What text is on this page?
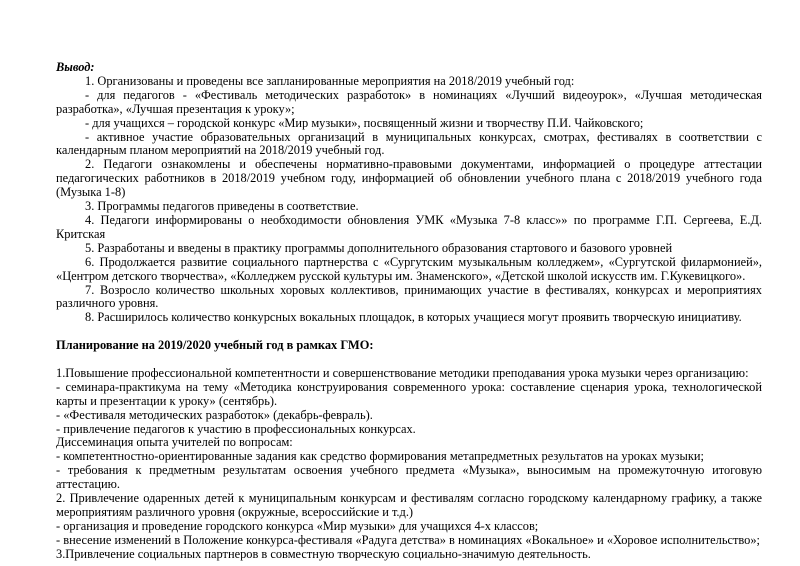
Вывод:

1. Организованы и проведены все запланированные мероприятия на 2018/2019 учебный год:

- для педагогов - «Фестиваль методических разработок» в номинациях «Лучший видеоурок», «Лучшая методическая разработка», «Лучшая презентация к уроку»;

- для учащихся – городской конкурс «Мир музыки», посвященный жизни и творчеству П.И. Чайковского;

- активное участие образовательных организаций в муниципальных конкурсах, смотрах, фестивалях в соответствии с календарным планом мероприятий на 2018/2019 учебный год.

2. Педагоги ознакомлены и обеспечены нормативно-правовыми документами, информацией о процедуре аттестации педагогических работников в 2018/2019 учебном году, информацией об обновлении учебного плана с 2018/2019 учебного года (Музыка 1-8)

3. Программы педагогов приведены в соответствие.

4. Педагоги информированы о необходимости обновления УМК «Музыка 7-8 класс»» по программе Г.П. Сергеева, Е.Д. Критская

5. Разработаны и введены в практику программы дополнительного образования стартового и базового уровней

6. Продолжается развитие социального партнерства с «Сургутским музыкальным колледжем», «Сургутской филармонией», «Центром детского творчества», «Колледжем русской культуры им. Знаменского», «Детской школой искусств им. Г.Кукевицкого».

7. Возросло количество школьных хоровых коллективов, принимающих участие в фестивалях, конкурсах и мероприятиях различного уровня.

8. Расширилось количество конкурсных вокальных площадок, в которых учащиеся могут проявить творческую инициативу.

Планирование на 2019/2020 учебный год в рамках ГМО:

1.Повышение профессиональной компетентности и совершенствование методики преподавания урока музыки через организацию:

- семинара-практикума на тему «Методика конструирования современного урока: составление сценария урока, технологической карты и презентации к уроку» (сентябрь).

- «Фестиваля методических разработок» (декабрь-февраль).

- привлечение педагогов к участию в профессиональных конкурсах.

Диссеминация опыта учителей по вопросам:

- компетентностно-ориентированные задания как средство формирования метапредметных результатов на уроках музыки;

- требования к предметным результатам освоения учебного предмета «Музыка», выносимым на промежуточную итоговую аттестацию.

2. Привлечение одаренных детей к муниципальным конкурсам и фестивалям согласно городскому календарному графику, а также мероприятиям различного уровня (окружные, всероссийские и т.д.)

- организация и проведение городского конкурса «Мир музыки» для учащихся 4-х классов;

- внесение изменений в Положение конкурса-фестиваля «Радуга детства» в номинациях «Вокальное» и «Хоровое исполнительство»;

3.Привлечение социальных партнеров в совместную творческую социально-значимую деятельность.
